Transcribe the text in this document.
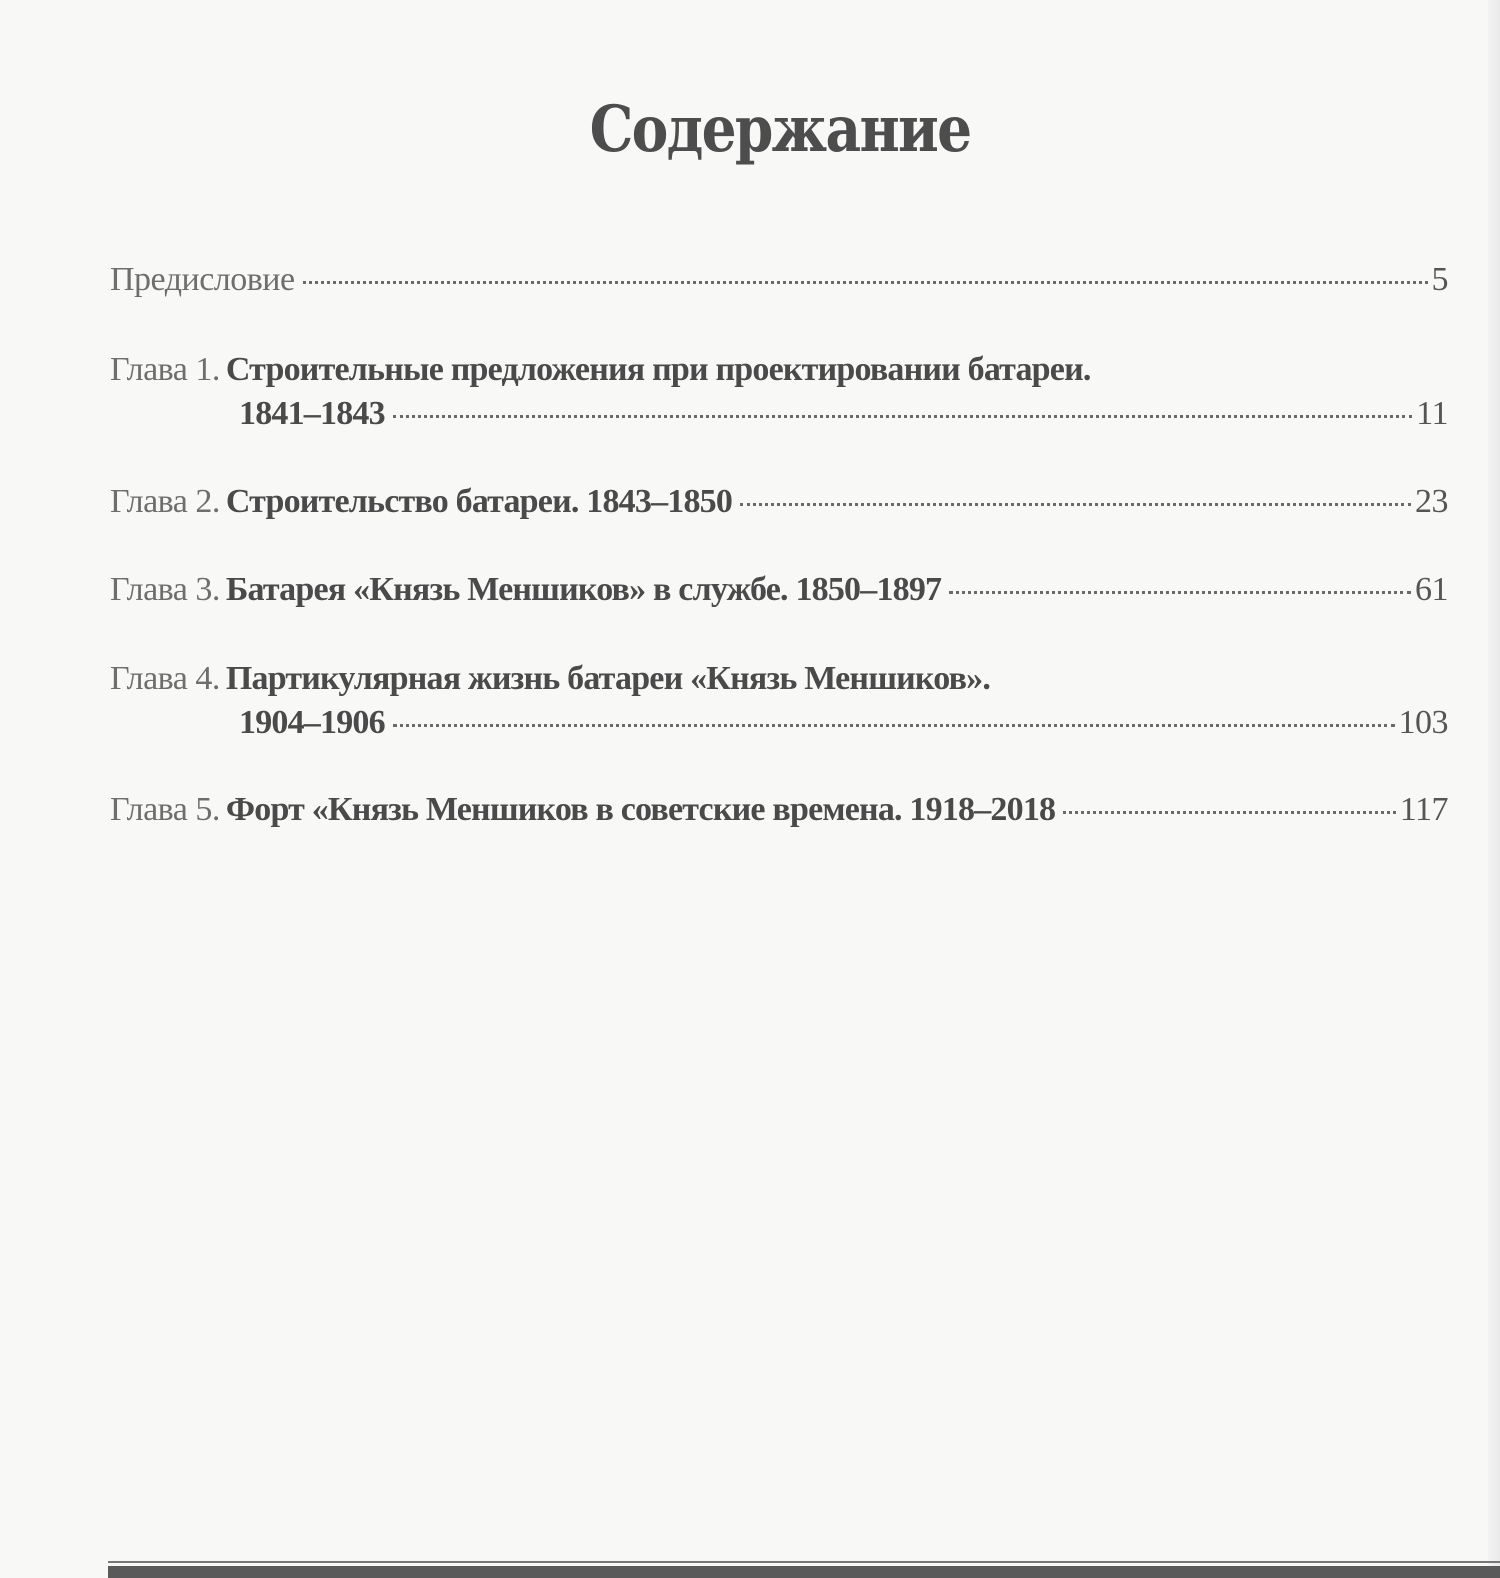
Содержание
Предисловие	5
Глава 1. Строительные предложения при проектировании батареи.
1841–1843	11
Глава 2. Строительство батареи. 1843–1850	23
Глава 3. Батарея «Князь Меншиков» в службе. 1850–1897	61
Глава 4. Партикулярная жизнь батареи «Князь Меншиков».
1904–1906	103
Глава 5. Форт «Князь Меншиков в советские времена. 1918–2018	117
